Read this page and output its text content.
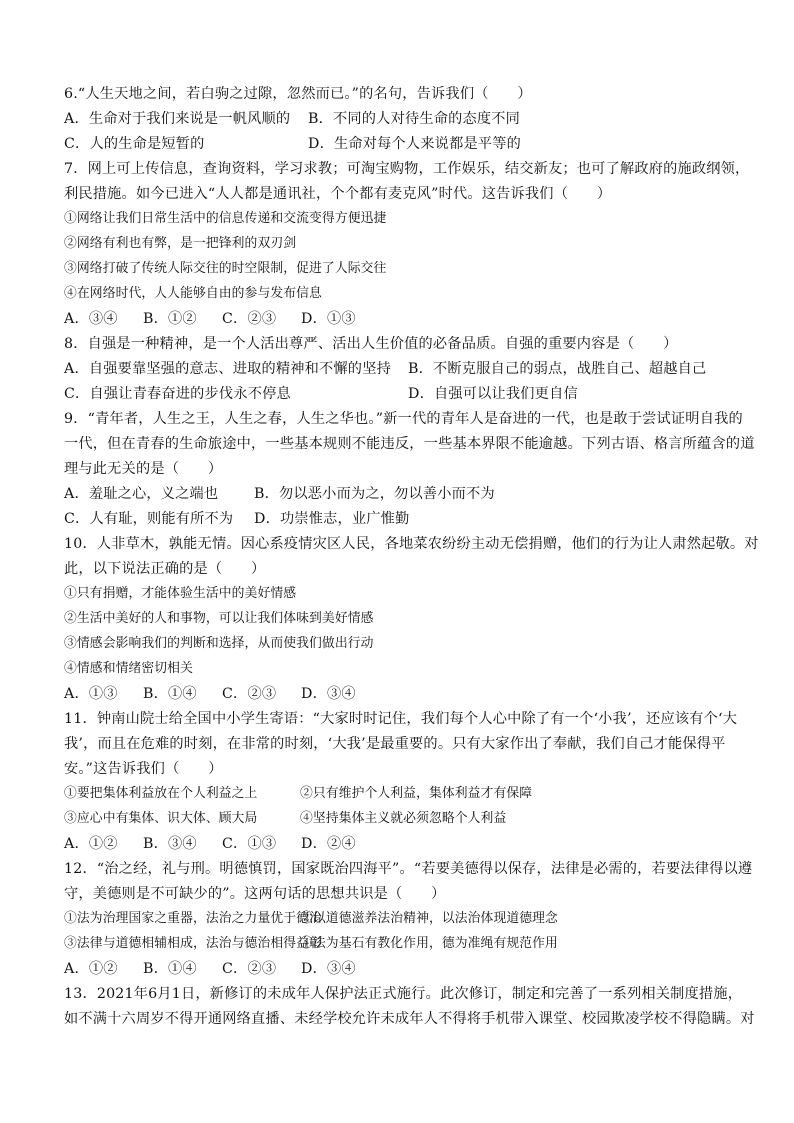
6.“人生天地之间，若白驹之过隙，忽然而已。”的名句，告诉我们（　　）
A．生命对于我们来说是一帆风顺的 B．不同的人对待生命的态度不同
C．人的生命是短暂的	D．生命对每个人来说都是平等的
7．网上可上传信息，查询资料，学习求教；可淘宝购物，工作娱乐，结交新友；也可了解政府的施政纲领，
利民措施。如今已进入“人人都是通讯社，个个都有麦克风”时代。这告诉我们（　　）
①网络让我们日常生活中的信息传递和交流变得方便迅捷
②网络有利也有弊，是一把锋利的双刃剑
③网络打破了传统人际交往的时空限制，促进了人际交往
④在网络时代，人人能够自由的参与发布信息
A．③④ B．①② C．②③ D．①③
8．自强是一种精神，是一个人活出尊严、活出人生价值的必备品质。自强的重要内容是（　　）
A．自强要靠坚强的意志、进取的精神和不懈的坚持 B．不断克服自己的弱点，战胜自己、超越自己
C．自强让青春奋进的步伐永不停息	D．自强可以让我们更自信
9．“青年者，人生之王，人生之春，人生之华也。”新一代的青年人是奋进的一代，也是敢于尝试证明自我的
一代，但在青春的生命旅途中，一些基本规则不能违反，一些基本界限不能逾越。下列古语、格言所蕴含的道
理与此无关的是（　　）
A．羞耻之心，义之端也	B．勿以恶小而为之，勿以善小而不为
C．人有耻，则能有所不为 D．功崇惟志，业广惟勤
10．人非草木，孰能无情。因心系疫情灾区人民，各地菜农纷纷主动无偿捐赠，他们的行为让人肃然起敬。对
此，以下说法正确的是（　　）
①只有捐赠，才能体验生活中的美好情感
②生活中美好的人和事物，可以让我们体味到美好情感
③情感会影响我们的判断和选择，从而使我们做出行动
④情感和情绪密切相关
A．①③ B．①④ C．②③ D．③④
11．钟南山院士给全国中小学生寄语：“大家时时记住，我们每个人心中除了有一个‘小我’，还应该有个‘大
我’，而且在危难的时刻，在非常的时刻，‘大我’是最重要的。只有大家作出了奉献，我们自己才能保得平
安。”这告诉我们（　　）
①要把集体利益放在个人利益之上	②只有维护个人利益，集体利益才有保障
③应心中有集体、识大体、顾大局	④坚持集体主义就必须忽略个人利益
A．①② B．③④ C．①③ D．②④
12．“治之经，礼与刑。明德慎罚，国家既治四海平”。“若要美德得以保存，法律是必需的，若要法律得以遵
守，美德则是不可缺少的”。这两句话的思想共识是（　　）
①法为治理国家之重器，法治之力量优于德治
②以道德滋养法治精神，以法治体现道德理念
③法律与道德相辅相成，法治与德治相得益彰
④法为基石有教化作用，德为准绳有规范作用
A．①② B．①④ C．②③ D．③④
13．2021年6月1日，新修订的未成年人保护法正式施行。此次修订，制定和完善了一系列相关制度措施，
如不满十六周岁不得开通网络直播、未经学校允许未成年人不得将手机带入课堂、校园欺凌学校不得隐瞒。对
